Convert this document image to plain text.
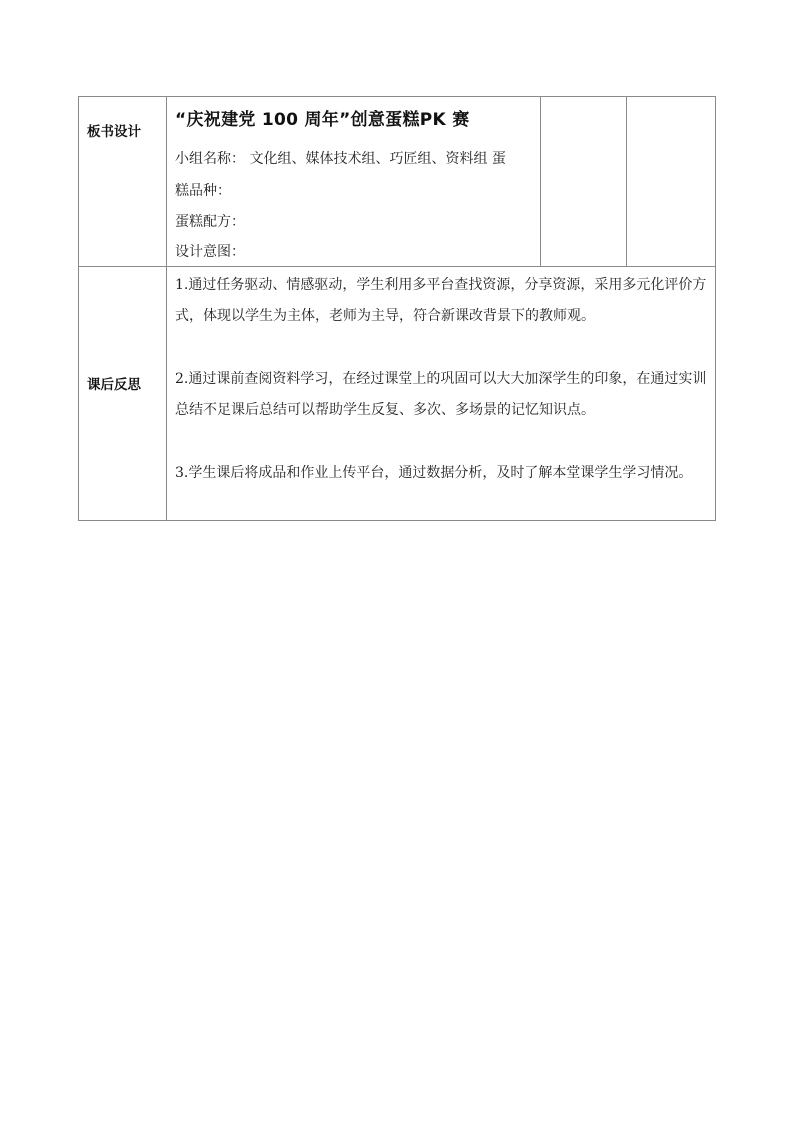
板书设计
“庆祝建党 100 周年”创意蛋糕PK 赛
小组名称： 文化组、媒体技术组、巧匠组、资料组 蛋
糕品种：
蛋糕配方：
设计意图：
课后反思

1.通过任务驱动、情感驱动，学生利用多平台查找资源，分享资源，采用多元化评价方式，体现以学生为主体，老师为主导，符合新课改背景下的教师观。

2.通过课前查阅资料学习，在经过课堂上的巩固可以大大加深学生的印象，在通过实训总结不足课后总结可以帮助学生反复、多次、多场景的记忆知识点。

3.学生课后将成品和作业上传平台，通过数据分析，及时了解本堂课学生学习情况。
